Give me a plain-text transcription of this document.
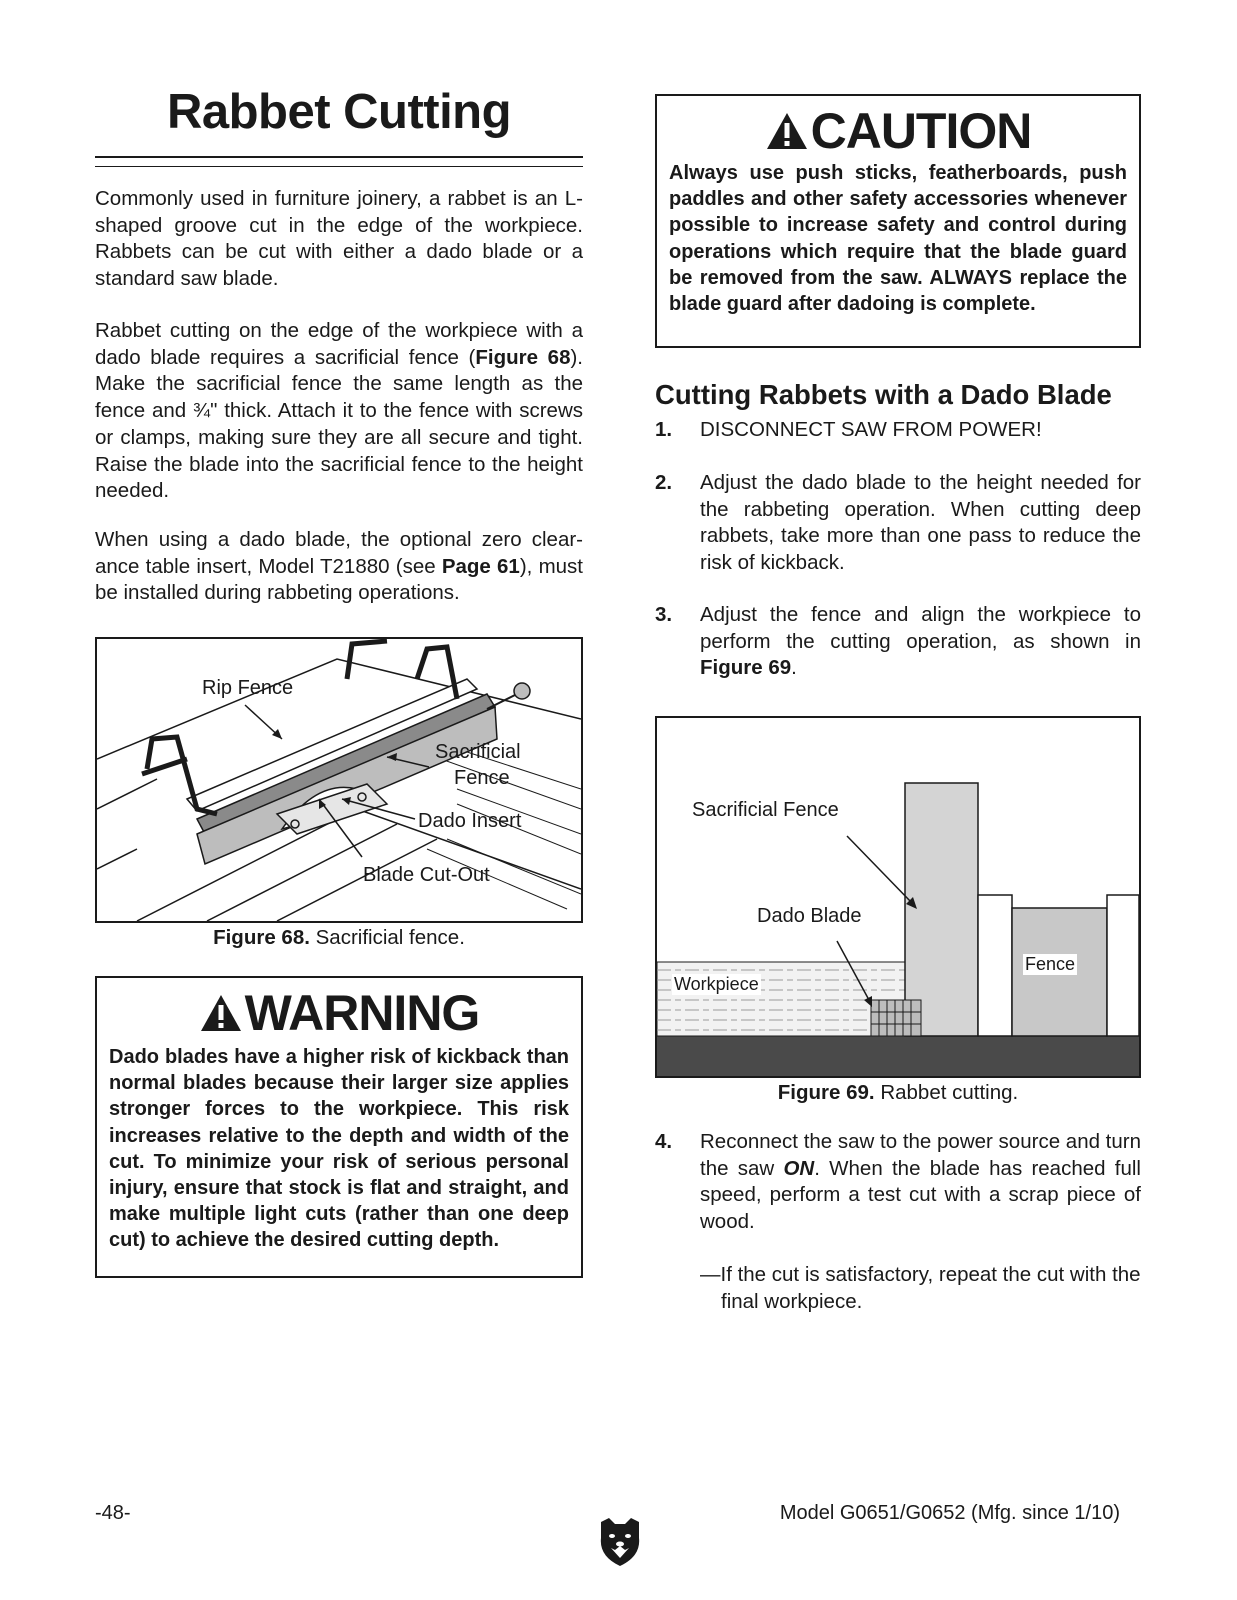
Rabbet Cutting
Commonly used in furniture joinery, a rabbet is an L-shaped groove cut in the edge of the workpiece. Rabbets can be cut with either a dado blade or a standard saw blade.
Rabbet cutting on the edge of the workpiece with a dado blade requires a sacrificial fence (Figure 68). Make the sacrificial fence the same length as the fence and ¾" thick. Attach it to the fence with screws or clamps, making sure they are all secure and tight. Raise the blade into the sacrificial fence to the height needed.
When using a dado blade, the optional zero clear-ance table insert, Model T21880 (see Page 61), must be installed during rabbeting operations.
Rip Fence
Sacrificial
Fence
Dado Insert
Blade Cut-Out
Figure 68. Sacrificial fence.
WARNING
Dado blades have a higher risk of kickback than normal blades because their larger size applies stronger forces to the workpiece. This risk increases relative to the depth and width of the cut. To minimize your risk of serious personal injury, ensure that stock is flat and straight, and make multiple light cuts (rather than one deep cut) to achieve the desired cutting depth.
CAUTION
Always use push sticks, featherboards, push paddles and other safety accessories whenever possible to increase safety and control during operations which require that the blade guard be removed from the saw. ALWAYS replace the blade guard after dadoing is complete.
Cutting Rabbets with a Dado Blade
1. DISCONNECT SAW FROM POWER!
2. Adjust the dado blade to the height needed for the rabbeting operation. When cutting deep rabbets, take more than one pass to reduce the risk of kickback.
3. Adjust the fence and align the workpiece to perform the cutting operation, as shown in Figure 69.
Sacrificial Fence
Dado Blade
Fence
Workpiece
Figure 69. Rabbet cutting.
4. Reconnect the saw to the power source and turn the saw ON. When the blade has reached full speed, perform a test cut with a scrap piece of wood.
—If the cut is satisfactory, repeat the cut with the final workpiece.
-48-	Model G0651/G0652 (Mfg. since 1/10)
